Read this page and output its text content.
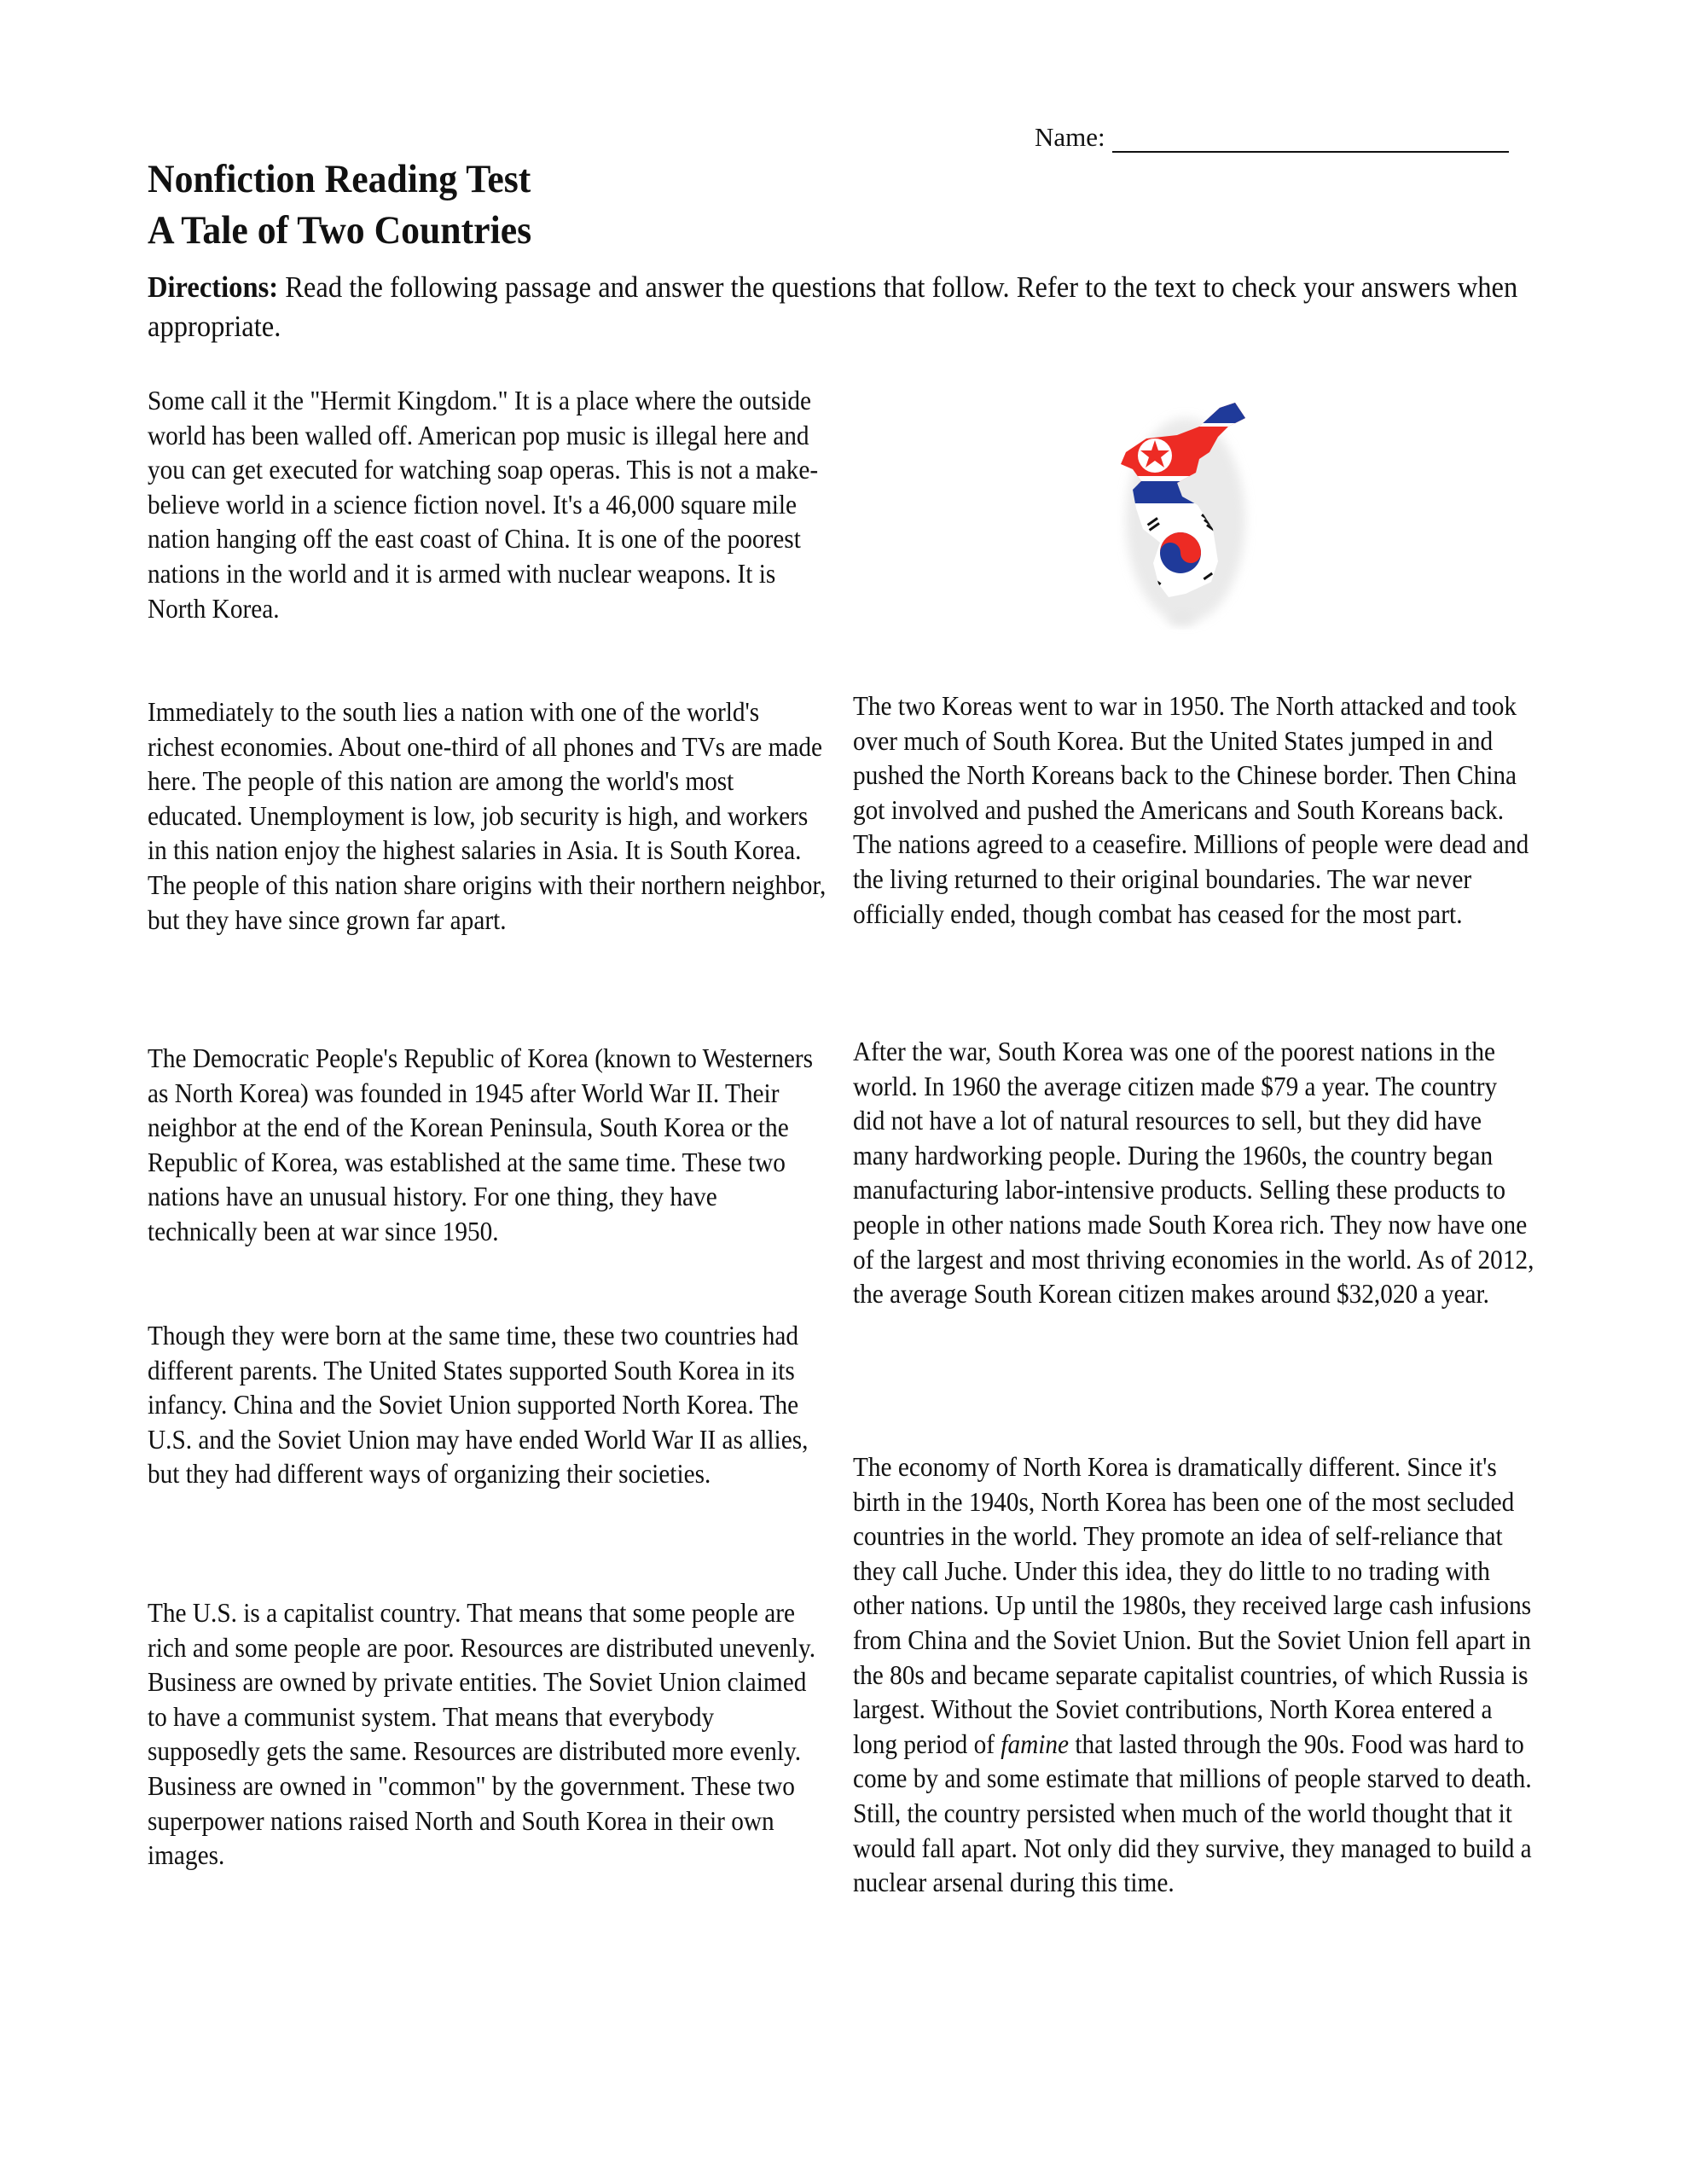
Name:
Nonfiction Reading Test
A Tale of Two Countries

Directions: Read the following passage and answer the questions that follow. Refer to the text to check your answers when appropriate.

Some call it the "Hermit Kingdom." It is a place where the outside world has been walled off. American pop music is illegal here and you can get executed for watching soap operas. This is not a make-believe world in a science fiction novel. It's a 46,000 square mile nation hanging off the east coast of China. It is one of the poorest nations in the world and it is armed with nuclear weapons. It is North Korea.

Immediately to the south lies a nation with one of the world's richest economies. About one-third of all phones and TVs are made here. The people of this nation are among the world's most educated. Unemployment is low, job security is high, and workers in this nation enjoy the highest salaries in Asia. It is South Korea. The people of this nation share origins with their northern neighbor, but they have since grown far apart.

The Democratic People's Republic of Korea (known to Westerners as North Korea) was founded in 1945 after World War II. Their neighbor at the end of the Korean Peninsula, South Korea or the Republic of Korea, was established at the same time. These two nations have an unusual history. For one thing, they have technically been at war since 1950.

Though they were born at the same time, these two countries had different parents. The United States supported South Korea in its infancy. China and the Soviet Union supported North Korea. The U.S. and the Soviet Union may have ended World War II as allies, but they had different ways of organizing their societies.

The U.S. is a capitalist country. That means that some people are rich and some people are poor. Resources are distributed unevenly. Business are owned by private entities. The Soviet Union claimed to have a communist system. That means that everybody supposedly gets the same. Resources are distributed more evenly. Business are owned in "common" by the government. These two superpower nations raised North and South Korea in their own images.

The two Koreas went to war in 1950. The North attacked and took over much of South Korea. But the United States jumped in and pushed the North Koreans back to the Chinese border. Then China got involved and pushed the Americans and South Koreans back. The nations agreed to a ceasefire. Millions of people were dead and the living returned to their original boundaries. The war never officially ended, though combat has ceased for the most part.

After the war, South Korea was one of the poorest nations in the world. In 1960 the average citizen made $79 a year. The country did not have a lot of natural resources to sell, but they did have many hardworking people. During the 1960s, the country began manufacturing labor-intensive products. Selling these products to people in other nations made South Korea rich. They now have one of the largest and most thriving economies in the world. As of 2012, the average South Korean citizen makes around $32,020 a year.

The economy of North Korea is dramatically different. Since it's birth in the 1940s, North Korea has been one of the most secluded countries in the world. They promote an idea of self-reliance that they call Juche. Under this idea, they do little to no trading with other nations. Up until the 1980s, they received large cash infusions from China and the Soviet Union. But the Soviet Union fell apart in the 80s and became separate capitalist countries, of which Russia is largest. Without the Soviet contributions, North Korea entered a long period of famine that lasted through the 90s. Food was hard to come by and some estimate that millions of people starved to death. Still, the country persisted when much of the world thought that it would fall apart. Not only did they survive, they managed to build a nuclear arsenal during this time.
